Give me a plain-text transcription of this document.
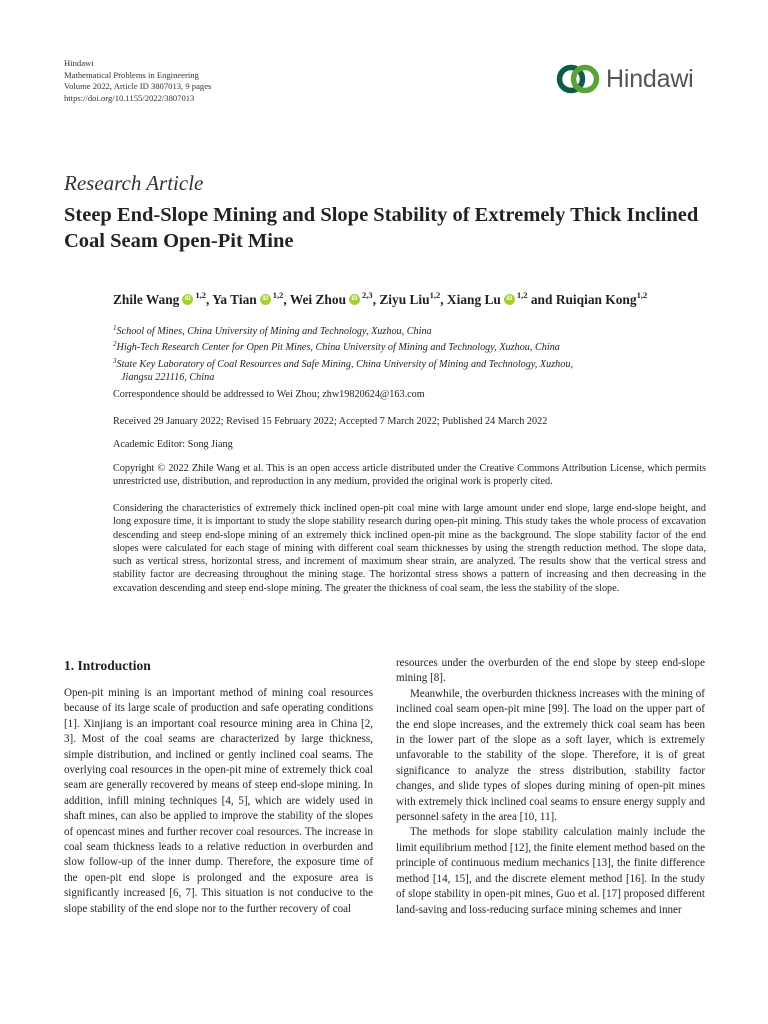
Hindawi
Mathematical Problems in Engineering
Volume 2022, Article ID 3807013, 9 pages
https://doi.org/10.1155/2022/3807013
Hindawi
Research Article
Steep End-Slope Mining and Slope Stability of Extremely Thick Inclined Coal Seam Open-Pit Mine
Zhile Wang iD $^{1,2}$, Ya Tian iD $^{1,2}$, Wei Zhou iD $^{2,3}$, Ziyu Liu$^{1,2}$, Xiang Lu iD $^{1,2}$ and Ruiqian Kong$^{1,2}$
$^1$School of Mines, China University of Mining and Technology, Xuzhou, China
$^2$High-Tech Research Center for Open Pit Mines, China University of Mining and Technology, Xuzhou, China
$^3$State Key Laboratory of Coal Resources and Safe Mining, China University of Mining and Technology, Xuzhou,
Jiangsu 221116, China
Correspondence should be addressed to Wei Zhou; zhw19820624@163.com
Received 29 January 2022; Revised 15 February 2022; Accepted 7 March 2022; Published 24 March 2022
Academic Editor: Song Jiang
Copyright © 2022 Zhile Wang et al. This is an open access article distributed under the Creative Commons Attribution License, which permits unrestricted use, distribution, and reproduction in any medium, provided the original work is properly cited.
Considering the characteristics of extremely thick inclined open-pit coal mine with large amount under end slope, large end-slope height, and long exposure time, it is important to study the slope stability research during open-pit mining. This study takes the whole process of excavation descending and steep end-slope mining of an extremely thick inclined open-pit mine as the background. The slope stability factor of the end slopes were calculated for each stage of mining with different coal seam thicknesses by using the strength reduction method. The slope data, such as vertical stress, horizontal stress, and increment of maximum shear strain, are analyzed. The results show that the vertical stress and stability factor are decreasing throughout the mining stage. The horizontal stress shows a pattern of increasing and then decreasing in the excavation descending and steep end-slope mining. The greater the thickness of coal seam, the less the stability of the slope.
1. Introduction

Open-pit mining is an important method of mining coal resources because of its large scale of production and safe operating conditions [1]. Xinjiang is an important coal resource mining area in China [2, 3]. Most of the coal seams are characterized by large thickness, simple distribution, and inclined or gently inclined coal seams. The overlying coal resources in the open-pit mine of extremely thick coal seam are generally recovered by means of steep end-slope mining. In addition, infill mining techniques [4, 5], which are widely used in shaft mines, can also be applied to improve the stability of the slopes of opencast mines and further recover coal resources. The increase in coal seam thickness leads to a relative reduction in overburden and slow follow-up of the inner dump. Therefore, the exposure time of the open-pit end slope is prolonged and the exposure area is significantly increased [6, 7]. This situation is not conducive to the slope stability of the end slope nor to the further recovery of coal

resources under the overburden of the end slope by steep end-slope mining [8].

Meanwhile, the overburden thickness increases with the mining of inclined coal seam open-pit mine [99]. The load on the upper part of the end slope increases, and the extremely thick coal seam has been in the lower part of the slope as a soft layer, which is extremely unfavorable to the stability of the slope. Therefore, it is of great significance to analyze the stress distribution, stability factor changes, and slide types of slopes during mining of open-pit mines with extremely thick inclined coal seams to ensure energy supply and personnel safety in the area [10, 11].

The methods for slope stability calculation mainly include the limit equilibrium method [12], the finite element method based on the principle of continuous medium mechanics [13], the finite difference method [14, 15], and the discrete element method [16]. In the study of slope stability in open-pit mines, Guo et al. [17] proposed different land-saving and loss-reducing surface mining schemes and inner
